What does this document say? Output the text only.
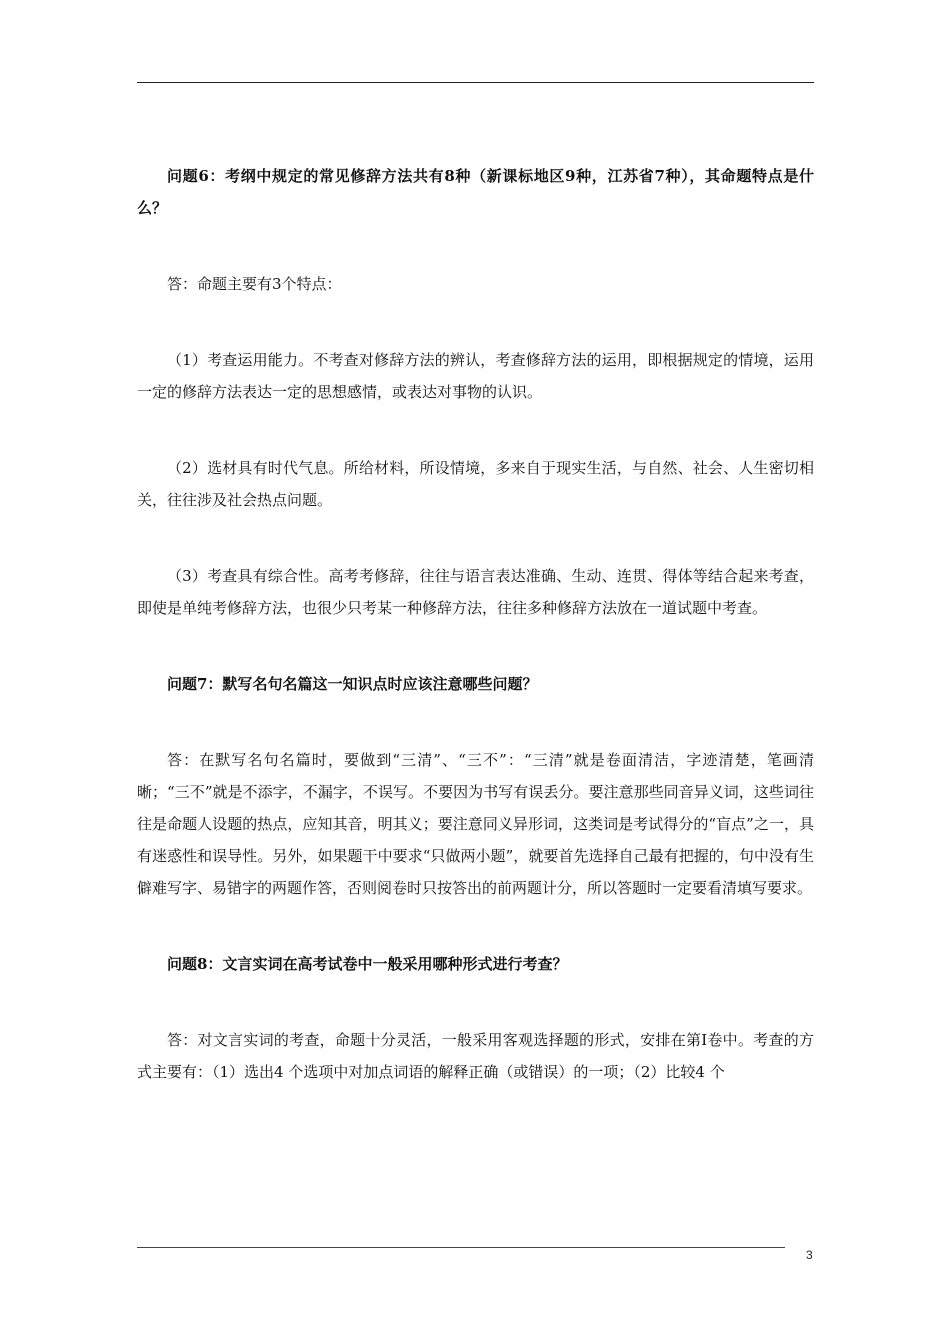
问题6：考纲中规定的常见修辞方法共有8种（新课标地区9种，江苏省7种），其命题特点是什么？

答：命题主要有3个特点：

（1）考查运用能力。不考查对修辞方法的辨认，考查修辞方法的运用，即根据规定的情境，运用一定的修辞方法表达一定的思想感情，或表达对事物的认识。

（2）选材具有时代气息。所给材料，所设情境，多来自于现实生活，与自然、社会、人生密切相关，往往涉及社会热点问题。

（3）考查具有综合性。高考考修辞，往往与语言表达准确、生动、连贯、得体等结合起来考查，即使是单纯考修辞方法，也很少只考某一种修辞方法，往往多种修辞方法放在一道试题中考查。

问题7：默写名句名篇这一知识点时应该注意哪些问题？

答：在默写名句名篇时，要做到“三清”、“三不”：“三清”就是卷面清洁，字迹清楚，笔画清晰；“三不”就是不添字，不漏字，不误写。不要因为书写有误丢分。要注意那些同音异义词，这些词往往是命题人设题的热点，应知其音，明其义；要注意同义异形词，这类词是考试得分的“盲点”之一，具有迷惑性和误导性。另外，如果题干中要求“只做两小题”，就要首先选择自己最有把握的，句中没有生僻难写字、易错字的两题作答，否则阅卷时只按答出的前两题计分，所以答题时一定要看清填写要求。

问题8：文言实词在高考试卷中一般采用哪种形式进行考查？

答：对文言实词的考查，命题十分灵活，一般采用客观选择题的形式，安排在第Ⅰ卷中。考查的方式主要有：（1）选出4 个选项中对加点词语的解释正确（或错误）的一项；（2）比较4 个

3
